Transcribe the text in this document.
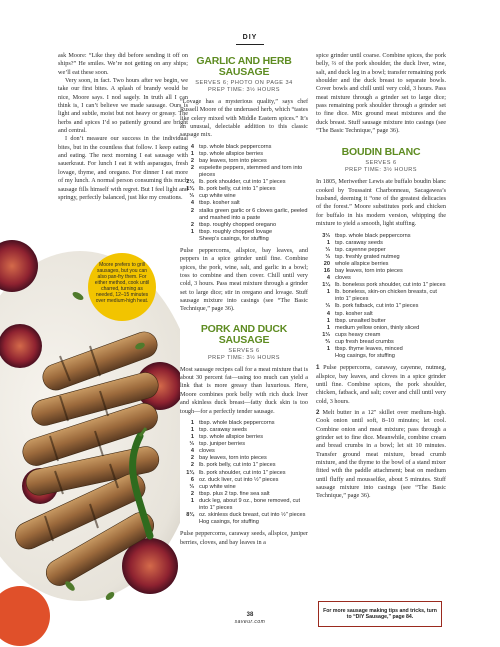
DIY

ask Moore: “Like they did before sending it off on ships?” He smiles. We’re not getting on any ships; we’ll eat these soon.

Very soon, in fact. Two hours after we begin, we take our first bites. A splash of brandy would be nice, Moore says. I nod sagely. In truth all I can think is, I can’t believe we made sausage. Ours is light and subtle, moist but not heavy or greasy. The herbs and spices I’d so patiently ground are bright and central.

I don’t measure our success in the individual bites, but in the countless that follow. I keep eating and eating. The next morning I eat sausage with sauerkraut. For lunch I eat it with asparagus, fresh lovage, thyme, and oregano. For dinner I eat more of my lunch. A normal person consuming this much sausage fills himself with regret. But I feel light and springy, perfectly balanced, just like my creations.

Moore prefers to grill sausages, but you can also pan-fry them. For either method, cook until charred, turning as needed, 12–15 minutes over medium-high heat.
GARLIC AND HERB
SAUSAGE
SERVES 6; PHOTO ON PAGE 34
PREP TIME: 3½ HOURS

“Lovage has a mysterious quality,” says chef Russell Moore of the underused herb, which “tastes like celery mixed with Middle Eastern spices.” It’s an unusual, delectable addition to this classic sausage mix.

4 tsp. whole black peppercorns
1 tsp. whole allspice berries
2 bay leaves, torn into pieces
2 espelette peppers, stemmed and torn into pieces
2¼ lb. pork shoulder, cut into 1" pieces
1¾ lb. pork belly, cut into 1" pieces
⅓ cup white wine
4 tbsp. kosher salt
2 stalks green garlic or 6 cloves garlic, peeled and mashed into a paste
2 tbsp. roughly chopped oregano
1 tbsp. roughly chopped lovage
Sheep’s casings, for stuffing

Pulse peppercorns, allspice, bay leaves, and peppers in a spice grinder until fine. Combine spices, the pork, wine, salt, and garlic in a bowl; toss to combine and then cover. Chill until very cold, 3 hours. Pass meat mixture through a grinder set to large dice; stir in oregano and lovage. Stuff sausage mixture into casings (see “The Basic Technique,” page 36).

PORK AND DUCK
SAUSAGE
SERVES 6
PREP TIME: 3½ HOURS

Most sausage recipes call for a meat mixture that is about 30 percent fat—using too much can yield a link that is more greasy than luxurious. Here, Moore combines pork belly with rich duck liver and skinless duck breast—fatty duck skin is too tough—for a perfectly tender sausage.

1 tbsp. whole black peppercorns
1 tsp. caraway seeds
1 tsp. whole allspice berries
⅓ tsp. juniper berries
4 cloves
2 bay leaves, torn into pieces
2 lb. pork belly, cut into 1" pieces
1¾ lb. pork shoulder, cut into 1" pieces
6 oz. duck liver, cut into ½" pieces
⅓ cup white wine
2 tbsp. plus 2 tsp. fine sea salt
1 duck leg, about 9 oz., bone removed, cut into 1" pieces
8¾ oz. skinless duck breast, cut into ½" pieces
Hog casings, for stuffing

Pulse peppercorns, caraway seeds, allspice, juniper berries, cloves, and bay leaves in a

spice grinder until coarse. Combine spices, the pork belly, ⅔ of the pork shoulder, the duck liver, wine, salt, and duck leg in a bowl; transfer remaining pork shoulder and the duck breast to separate bowls. Cover bowls and chill until very cold, 3 hours. Pass meat mixture through a grinder set to large dice; pass remaining pork shoulder through a grinder set to fine dice. Mix ground meat mixtures and the duck breast. Stuff sausage mixture into casings (see “The Basic Technique,” page 36).

BOUDIN BLANC
SERVES 6
PREP TIME: 3½ HOURS

In 1805, Meriwether Lewis ate buffalo boudin blanc cooked by Toussaint Charbonneau, Sacagawea’s husband, deeming it “one of the greatest delicacies of the forest.” Moore substitutes pork and chicken for buffalo in his modern version, whipping the mixture to yield a smooth, light stuffing.

3⅓ tbsp. whole black peppercorns
1 tsp. caraway seeds
⅓ tsp. cayenne pepper
⅓ tsp. freshly grated nutmeg
20 whole allspice berries
16 bay leaves, torn into pieces
4 cloves
1¼ lb. boneless pork shoulder, cut into 1" pieces
1 lb. boneless, skin-on chicken breasts, cut into 1" pieces
⅓ lb. pork fatback, cut into 1" pieces
4 tsp. kosher salt
1 tbsp. unsalted butter
1 medium yellow onion, thinly sliced
1⅓ cups heavy cream
⅔ cup fresh bread crumbs
1 tbsp. thyme leaves, minced
Hog casings, for stuffing

1 Pulse peppercorns, caraway, cayenne, nutmeg, allspice, bay leaves, and cloves in a spice grinder until fine. Combine spices, the pork shoulder, chicken, fatback, and salt; cover and chill until very cold, 3 hours.

2 Melt butter in a 12" skillet over medium-high. Cook onion until soft, 8–10 minutes; let cool. Combine onion and meat mixture; pass through a grinder set to fine dice. Meanwhile, combine cream and bread crumbs in a bowl; let sit 10 minutes. Transfer ground meat mixture, bread crumb mixture, and the thyme to the bowl of a stand mixer fitted with the paddle attachment; beat on medium until fluffy and mousselike, about 5 minutes. Stuff sausage mixture into casings (see “The Basic Technique,” page 36).

For more sausage making tips and tricks, turn to “DIY Sausage,” page 84.
38
saveur.com
